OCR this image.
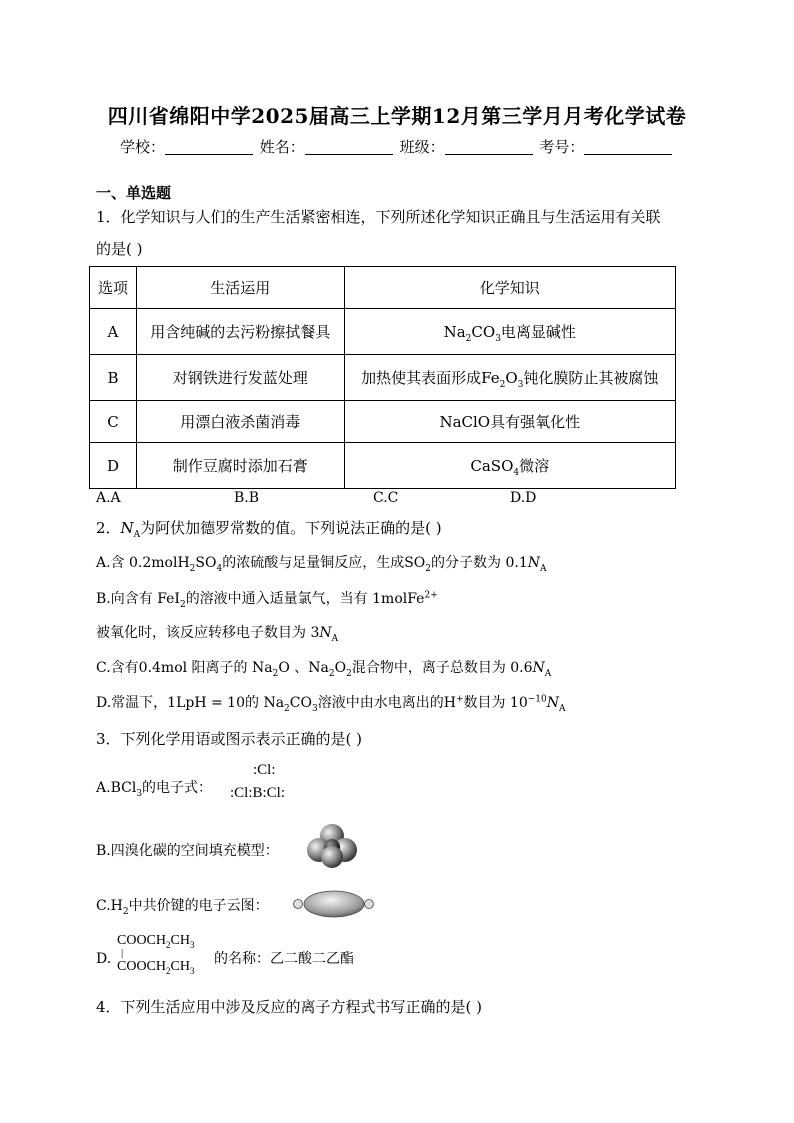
四川省绵阳中学2025届高三上学期12月第三学月月考化学试卷
学校：	姓名：	班级：	考号：
一、单选题
1．化学知识与人们的生产生活紧密相连，下列所述化学知识正确且与生活运用有关联
的是( )
选项	生活运用	化学知识
A	用含纯碱的去污粉擦拭餐具	$Na_2CO_3$电离显碱性
B	对钢铁进行发蓝处理	加热使其表面形成$Fe_2O_3$钝化膜防止其被腐蚀
C	用漂白液杀菌消毒	NaClO具有强氧化性
D	制作豆腐时添加石膏	CaSO$_4$微溶
A.A	B.B	C.C	D.D
2．$N_A$为阿伏加德罗常数的值。下列说法正确的是( )
A.含 $0.2molH_2SO_4$的浓硫酸与足量铜反应，生成$SO_2$的分子数为 $0.1N_A$
B.向含有 FeI$_2$的溶液中通入适量氯气，当有 1molFe$^{2+}$
被氧化时，该反应转移电子数目为 $3N_A$
C.含有0.4mol 阳离子的 $Na_2O$ 、$Na_2O_2$混合物中，离子总数目为 $0.6N_A$
D.常温下，1LpH = 10的 $Na_2CO_3$溶液中由水电离出的H+数目为 $10^{-10}N_A$
3．下列化学用语或图示表示正确的是( )
A.BCl$_3$的电子式：
:Cl:
:Cl:B:Cl:
B.四溴化碳的空间填充模型：
$C.H_2$中共价键的电子云图：
D.
$COOCH_2CH_3$
|
$COOCH_2CH_3$
的名称：乙二酸二乙酯
4．下列生活应用中涉及反应的离子方程式书写正确的是( )
